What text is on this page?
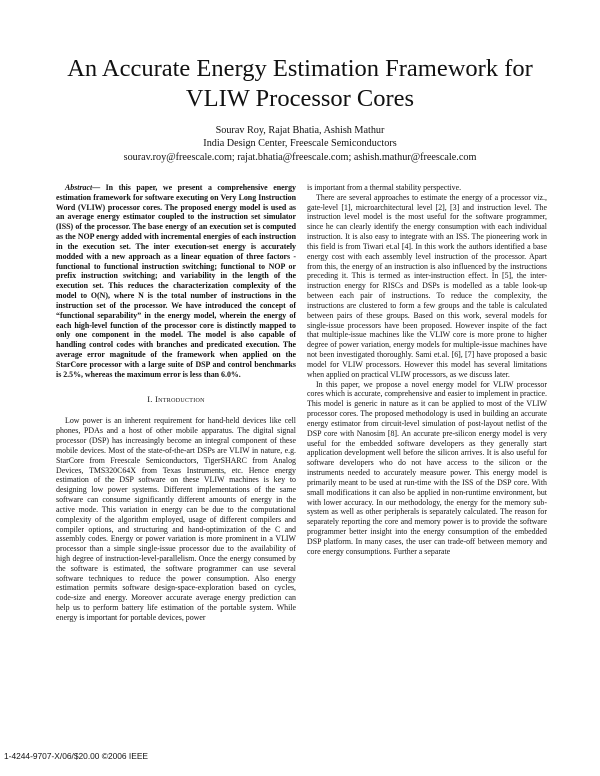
An Accurate Energy Estimation Framework for VLIW Processor Cores
Sourav Roy, Rajat Bhatia, Ashish Mathur
India Design Center, Freescale Semiconductors
sourav.roy@freescale.com; rajat.bhatia@freescale.com; ashish.mathur@freescale.com

Abstract— In this paper, we present a comprehensive energy estimation framework for software executing on Very Long Instruction Word (VLIW) processor cores. The proposed energy model is used as an average energy estimator coupled to the instruction set simulator (ISS) of the processor. The base energy of an execution set is computed as the NOP energy added with incremental energies of each instruction in the execution set. The inter execution-set energy is accurately modded with a new approach as a linear equation of three factors - functional to functional instruction switching; functional to NOP or prefix instruction switching; and variability in the length of the execution set. This reduces the characterization complexity of the model to O(N), where N is the total number of instructions in the instruction set of the processor. We have introduced the concept of “functional separability” in the energy model, wherein the energy of each high-level function of the processor core is distinctly mapped to only one component in the model. The model is also capable of handling control codes with branches and predicated execution. The average error magnitude of the framework when applied on the StarCore processor with a large suite of DSP and control benchmarks is 2.5%, whereas the maximum error is less than 6.0%.

I. Introduction

Low power is an inherent requirement for hand-held devices like cell phones, PDAs and a host of other mobile apparatus. The digital signal processor (DSP) has increasingly become an integral component of these mobile devices. Most of the state-of-the-art DSPs are VLIW in nature, e.g. StarCore from Freescale Semiconductors, TigerSHARC from Analog Devices, TMS320C64X from Texas Instruments, etc. Hence energy estimation of the DSP software on these VLIW machines is key to designing low power systems. Different implementations of the same software can consume significantly different amounts of energy in the active mode. This variation in energy can be due to the computational complexity of the algorithm employed, usage of different compilers and compiler options, and structuring and hand-optimization of the C and assembly codes. Energy or power variation is more prominent in a VLIW processor than a simple single-issue processor due to the availability of high degree of instruction-level-parallelism. Once the energy consumed by the software is estimated, the software programmer can use several software techniques to reduce the power consumption. Also energy estimation permits software design-space-exploration based on cycles, code-size and energy. Moreover accurate average energy prediction can help us to perform battery life estimation of the portable system. While energy is important for portable devices, power

is important from a thermal stability perspective.

There are several approaches to estimate the energy of a processor viz., gate-level [1], microarchitectural level [2], [3] and instruction level. The instruction level model is the most useful for the software programmer, since he can clearly identify the energy consumption with each individual instruction. It is also easy to integrate with an ISS. The pioneering work in this field is from Tiwari et.al [4]. In this work the authors identified a base energy cost with each assembly level instruction of the processor. Apart from this, the energy of an instruction is also influenced by the instructions preceding it. This is termed as inter-instruction effect. In [5], the inter-instruction energy for RISCs and DSPs is modelled as a table look-up between each pair of instructions. To reduce the complexity, the instructions are clustered to form a few groups and the table is calculated between pairs of these groups. Based on this work, several models for single-issue processors have been proposed. However inspite of the fact that multiple-issue machines like the VLIW core is more prone to higher degree of power variation, energy models for multiple-issue machines have not been investigated thoroughly. Sami et.al. [6], [7] have proposed a basic model for VLIW processors. However this model has several limitations when applied on practical VLIW processors, as we discuss later.

In this paper, we propose a novel energy model for VLIW processor cores which is accurate, comprehensive and easier to implement in practice. This model is generic in nature as it can be applied to most of the VLIW processor cores. The proposed methodology is used in building an accurate energy estimator from circuit-level simulation of post-layout netlist of the DSP core with Nanosim [8]. An accurate pre-silicon energy model is very useful for the embedded software developers as they generally start application development well before the silicon arrives. It is also useful for software developers who do not have access to the silicon or the instruments needed to accurately measure power. This energy model is primarily meant to be used at run-time with the ISS of the DSP core. With small modifications it can also be applied in non-runtime environment, but with lower accuracy. In our methodology, the energy for the memory sub-system as well as other peripherals is separately calculated. The reason for separately reporting the core and memory power is to provide the software programmer better insight into the energy consumption of the embedded DSP platform. In many cases, the user can trade-off between memory and core energy consumptions. Further a separate

1-4244-9707-X/06/$20.00 ©2006 IEEE
